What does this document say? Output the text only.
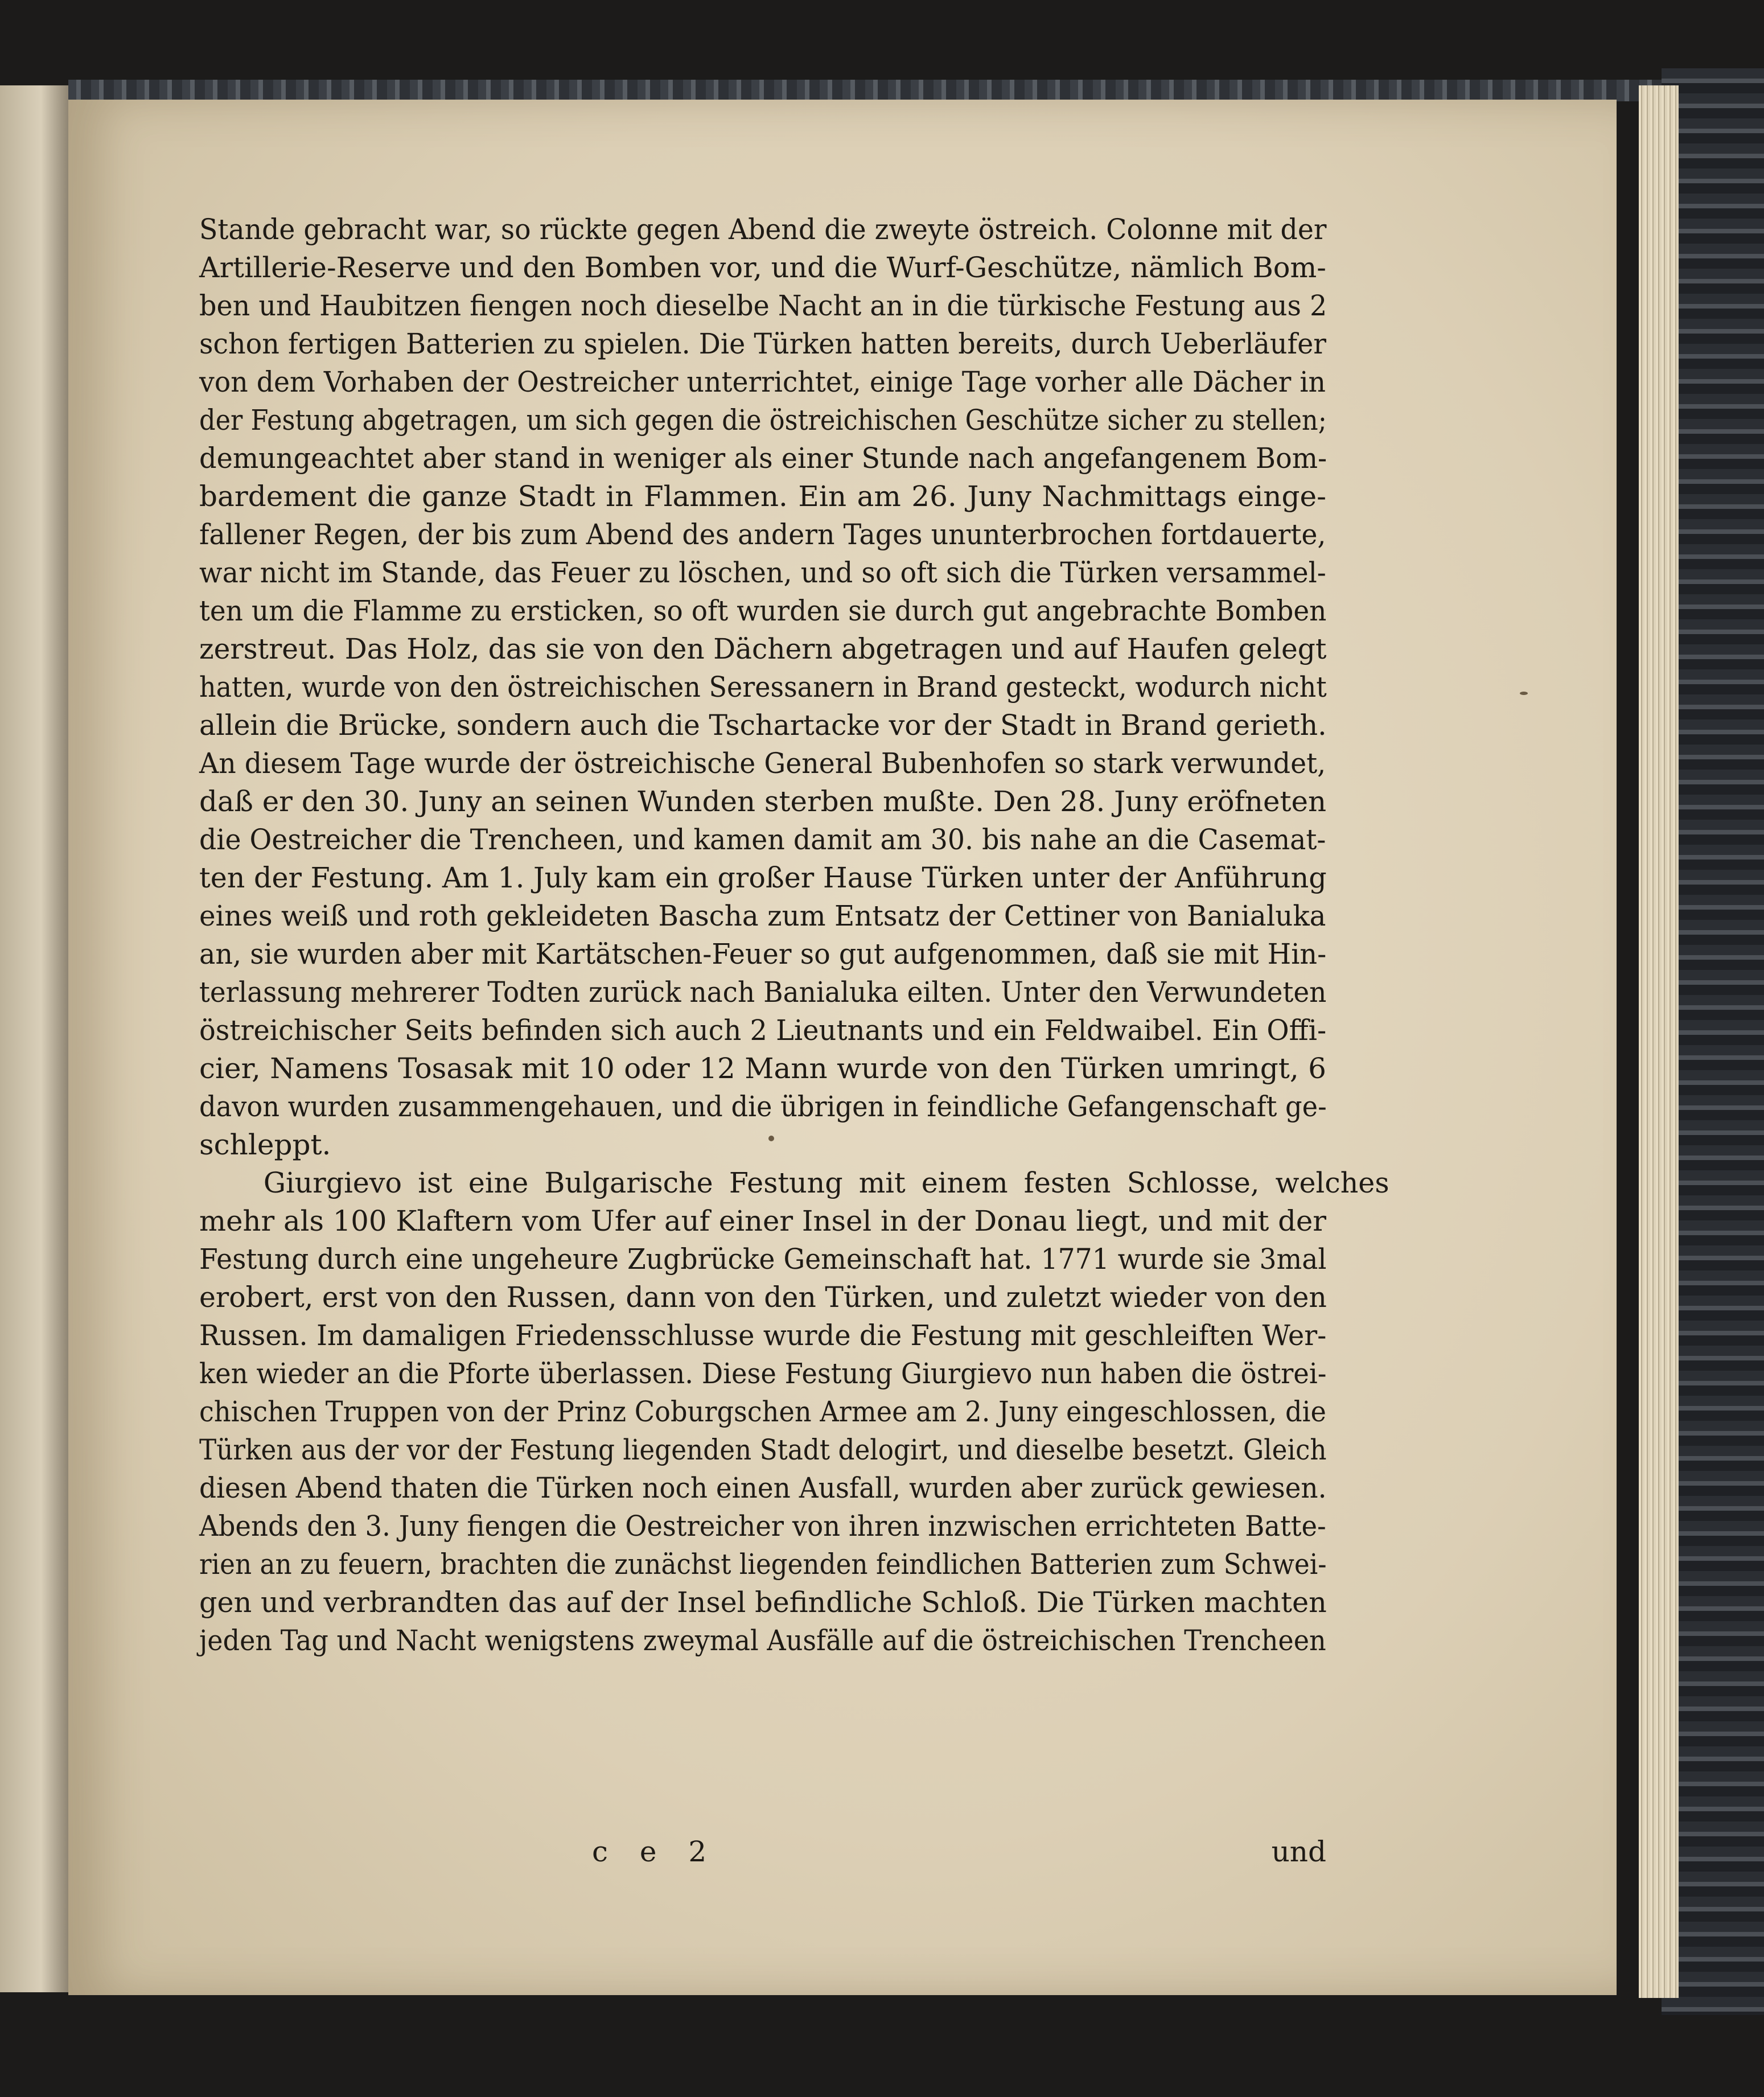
Stande gebracht war, so rückte gegen Abend die zweyte östreich. Colonne mit der
Artillerie-Reserve und den Bomben vor, und die Wurf-Geschütze, nämlich Bom-
ben und Haubitzen fiengen noch dieselbe Nacht an in die türkische Festung aus 2
schon fertigen Batterien zu spielen. Die Türken hatten bereits, durch Ueberläufer
von dem Vorhaben der Oestreicher unterrichtet, einige Tage vorher alle Dächer in
der Festung abgetragen, um sich gegen die östreichischen Geschütze sicher zu stellen;
demungeachtet aber stand in weniger als einer Stunde nach angefangenem Bom-
bardement die ganze Stadt in Flammen. Ein am 26. Juny Nachmittags einge-
fallener Regen, der bis zum Abend des andern Tages ununterbrochen fortdauerte,
war nicht im Stande, das Feuer zu löschen, und so oft sich die Türken versammel-
ten um die Flamme zu ersticken, so oft wurden sie durch gut angebrachte Bomben
zerstreut. Das Holz, das sie von den Dächern abgetragen und auf Haufen gelegt
hatten, wurde von den östreichischen Seressanern in Brand gesteckt, wodurch nicht
allein die Brücke, sondern auch die Tschartacke vor der Stadt in Brand gerieth.
An diesem Tage wurde der östreichische General Bubenhofen so stark verwundet,
daß er den 30. Juny an seinen Wunden sterben mußte. Den 28. Juny eröfneten
die Oestreicher die Trencheen, und kamen damit am 30. bis nahe an die Casemat-
ten der Festung. Am 1. July kam ein großer Hause Türken unter der Anführung
eines weiß und roth gekleideten Bascha zum Entsatz der Cettiner von Banialuka
an, sie wurden aber mit Kartätschen-Feuer so gut aufgenommen, daß sie mit Hin-
terlassung mehrerer Todten zurück nach Banialuka eilten. Unter den Verwundeten
östreichischer Seits befinden sich auch 2 Lieutnants und ein Feldwaibel. Ein Offi-
cier, Namens Tosasak mit 10 oder 12 Mann wurde von den Türken umringt, 6
davon wurden zusammengehauen, und die übrigen in feindliche Gefangenschaft ge-
schleppt.
Giurgievo ist eine Bulgarische Festung mit einem festen Schlosse, welches
mehr als 100 Klaftern vom Ufer auf einer Insel in der Donau liegt, und mit der
Festung durch eine ungeheure Zugbrücke Gemeinschaft hat. 1771 wurde sie 3mal
erobert, erst von den Russen, dann von den Türken, und zuletzt wieder von den
Russen. Im damaligen Friedensschlusse wurde die Festung mit geschleiften Wer-
ken wieder an die Pforte überlassen. Diese Festung Giurgievo nun haben die östrei-
chischen Truppen von der Prinz Coburgschen Armee am 2. Juny eingeschlossen, die
Türken aus der vor der Festung liegenden Stadt delogirt, und dieselbe besetzt. Gleich
diesen Abend thaten die Türken noch einen Ausfall, wurden aber zurück gewiesen.
Abends den 3. Juny fiengen die Oestreicher von ihren inzwischen errichteten Batte-
rien an zu feuern, brachten die zunächst liegenden feindlichen Batterien zum Schwei-
gen und verbrandten das auf der Insel befindliche Schloß. Die Türken machten
jeden Tag und Nacht wenigstens zweymal Ausfälle auf die östreichischen Trencheen
c e 2	und
